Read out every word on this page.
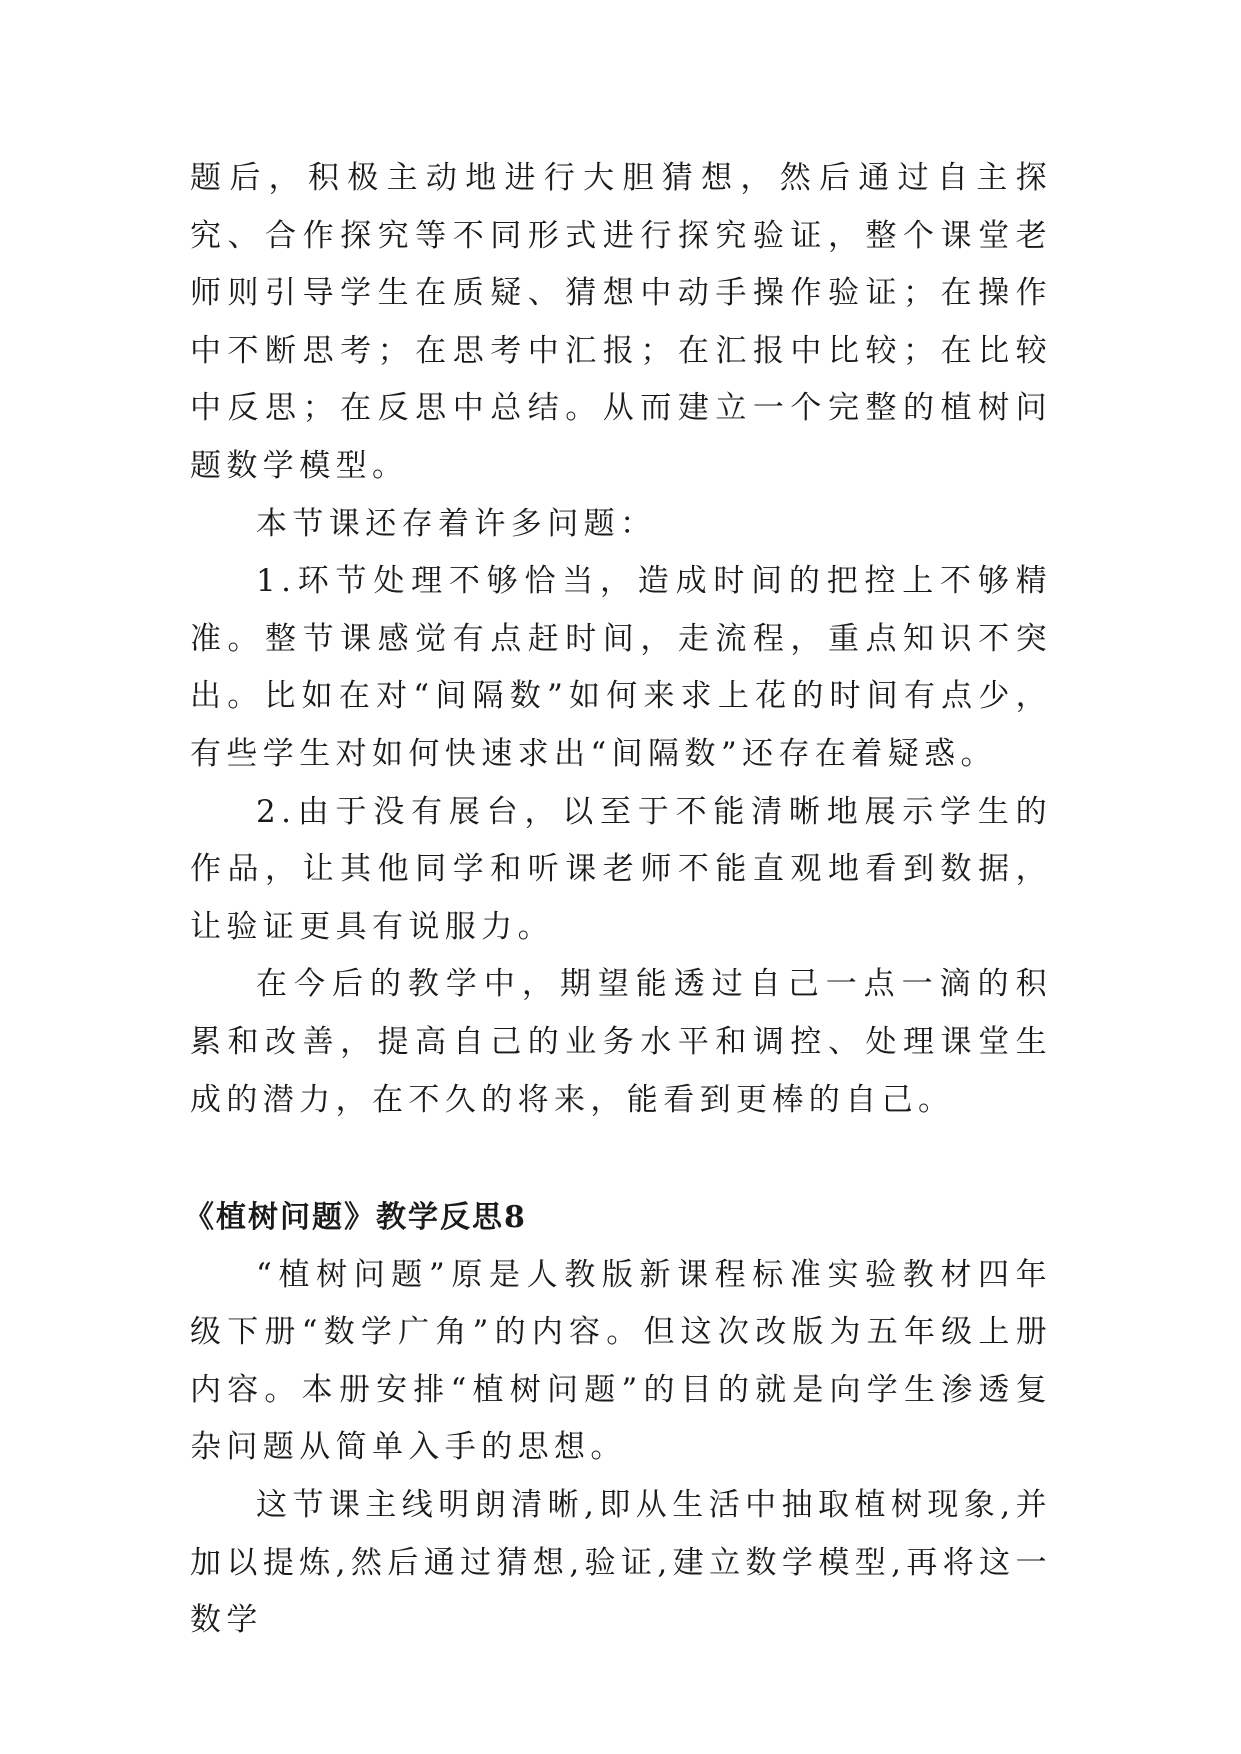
题后，积极主动地进行大胆猜想，然后通过自主探究、合作探究等不同形式进行探究验证，整个课堂老师则引导学生在质疑、猜想中动手操作验证；在操作中不断思考；在思考中汇报；在汇报中比较；在比较中反思；在反思中总结。从而建立一个完整的植树问题数学模型。

本节课还存着许多问题：

1.环节处理不够恰当，造成时间的把控上不够精准。整节课感觉有点赶时间，走流程，重点知识不突出。比如在对“间隔数”如何来求上花的时间有点少，有些学生对如何快速求出“间隔数”还存在着疑惑。

2.由于没有展台，以至于不能清晰地展示学生的作品，让其他同学和听课老师不能直观地看到数据，让验证更具有说服力。

在今后的教学中，期望能透过自己一点一滴的积累和改善，提高自己的业务水平和调控、处理课堂生成的潜力，在不久的将来，能看到更棒的自己。

《植树问题》教学反思8

“植树问题”原是人教版新课程标准实验教材四年级下册“数学广角”的内容。但这次改版为五年级上册内容。本册安排“植树问题”的目的就是向学生渗透复杂问题从简单入手的思想。

这节课主线明朗清晰,即从生活中抽取植树现象,并加以提炼,然后通过猜想,验证,建立数学模型,再将这一数学
